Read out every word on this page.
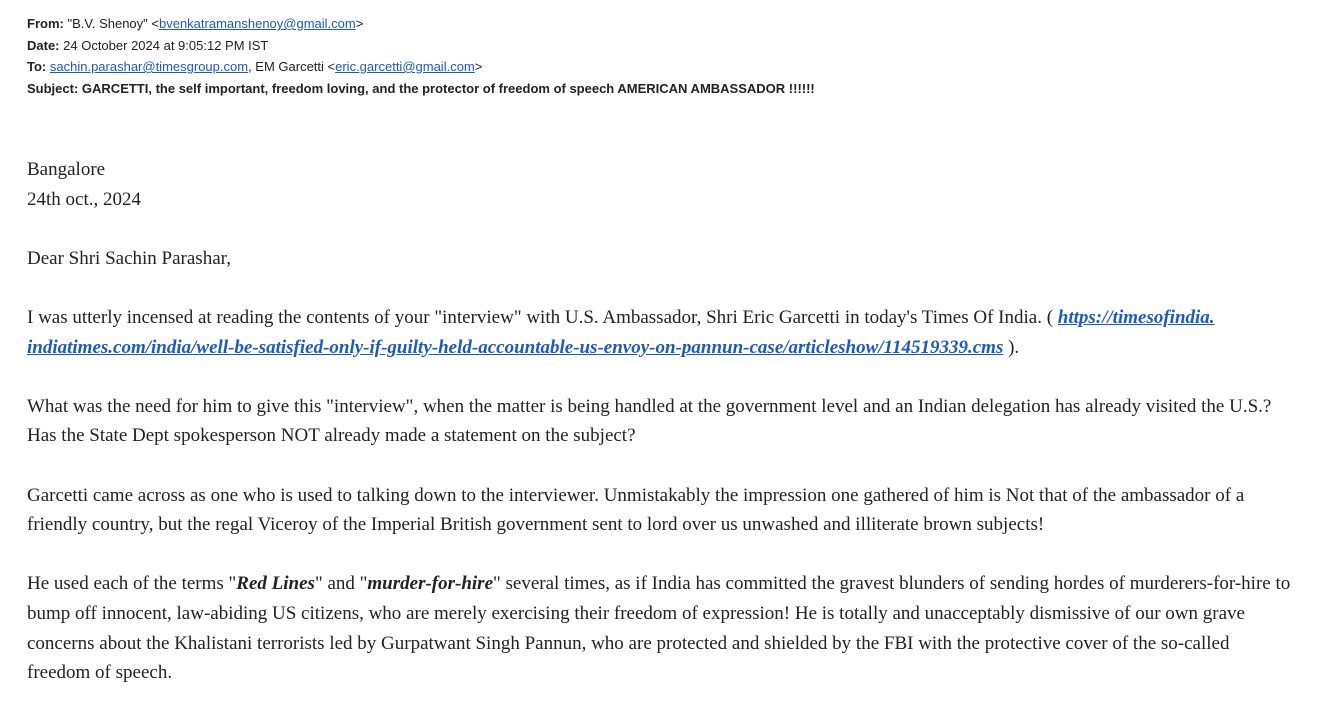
From: "B.V. Shenoy" <bvenkatramanshenoy@gmail.com>
Date: 24 October 2024 at 9:05:12 PM IST
To: sachin.parashar@timesgroup.com, EM Garcetti <eric.garcetti@gmail.com>
Subject: GARCETTI, the self important, freedom loving, and the protector of freedom of speech AMERICAN AMBASSADOR !!!!!!

Bangalore

24th oct., 2024

Dear Shri Sachin Parashar,

I was utterly incensed at reading the contents of your "interview" with U.S. Ambassador, Shri Eric Garcetti in today's Times Of India. ( https://timesofindia.
indiatimes.com/india/well-be-satisfied-only-if-guilty-held-accountable-us-envoy-on-pannun-case/articleshow/114519339.cms ).

What was the need for him to give this "interview", when the matter is being handled at the government level and an Indian delegation has already visited the U.S.? Has the State Dept spokesperson NOT already made a statement on the subject?

Garcetti came across as one who is used to talking down to the interviewer. Unmistakably the impression one gathered of him is Not that of the ambassador of a friendly country, but the regal Viceroy of the Imperial British government sent to lord over us unwashed and illiterate brown subjects!

He used each of the terms "Red Lines" and "murder-for-hire" several times, as if India has committed the gravest blunders of sending hordes of murderers-for-hire to bump off innocent, law-abiding US citizens, who are merely exercising their freedom of expression! He is totally and unacceptably dismissive of our own grave concerns about the Khalistani terrorists led by Gurpatwant Singh Pannun, who are protected and shielded by the FBI with the protective cover of the so-called freedom of speech.
